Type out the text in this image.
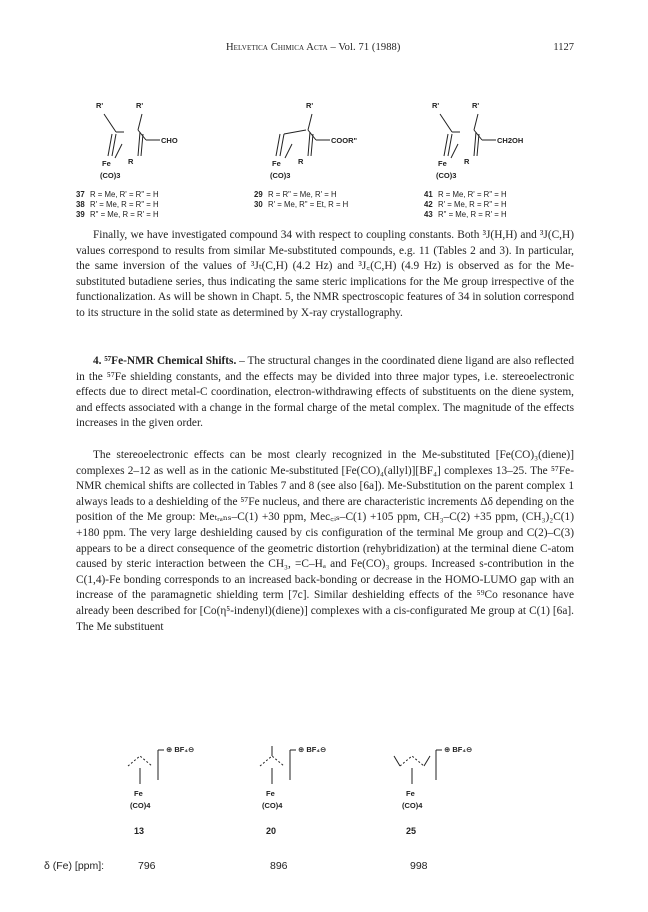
Helvetica Chimica Acta – Vol. 71 (1988)	1127
R'	R'
CHO
Fe R
(CO)3
R'
COOR"
Fe R
(CO)3
R'	R'
CH2OH
Fe R
(CO)3
37 R = Me, R' = R" = H
38 R' = Me, R = R" = H
39 R" = Me, R = R' = H
29 R = R" = Me, R' = H
30 R' = Me, R" = Et, R = H
41 R = Me, R' = R" = H
42 R' = Me, R = R" = H
43 R" = Me, R = R' = H

Finally, we have investigated compound 34 with respect to coupling constants. Both ³J(H,H) and ³J(C,H) values correspond to results from similar Me-substituted compounds, e.g. 11 (Tables 2 and 3). In particular, the same inversion of the values of ³Jₜ(C,H) (4.2 Hz) and ³J꜀(C,H) (4.9 Hz) is observed as for the Me-substituted butadiene series, thus indicating the same steric implications for the Me group irrespective of the functionalization. As will be shown in Chapt. 5, the NMR spectroscopic features of 34 in solution correspond to its structure in the solid state as determined by X-ray crystallography.

4. ⁵⁷Fe-NMR Chemical Shifts. – The structural changes in the coordinated diene ligand are also reflected in the ⁵⁷Fe shielding constants, and the effects may be divided into three major types, i.e. stereoelectronic effects due to direct metal-C coordination, electron-withdrawing effects of substituents on the diene system, and effects associated with a change in the formal charge of the metal complex. The magnitude of the effects increases in the given order.

The stereoelectronic effects can be most clearly recognized in the Me-substituted [Fe(CO)₃(diene)] complexes 2–12 as well as in the cationic Me-substituted [Fe(CO)₄(allyl)][BF₄] complexes 13–25. The ⁵⁷Fe-NMR chemical shifts are collected in Tables 7 and 8 (see also [6a]). Me-Substitution on the parent complex 1 always leads to a deshielding of the ⁵⁷Fe nucleus, and there are characteristic increments Δδ depending on the position of the Me group: Meₜᵣₐₙₛ–C(1) +30 ppm, Mec꜀ᵢₛ–C(1) +105 ppm, CH₃–C(2) +35 ppm, (CH₃)₂C(1) +180 ppm. The very large deshielding caused by cis configuration of the terminal Me group and C(2)–C(3) appears to be a direct consequence of the geometric distortion (rehybridization) at the terminal diene C-atom caused by steric interaction between the CH₃, =C–Hₐ and Fe(CO)₃ groups. Increased s-contribution in the C(1,4)-Fe bonding corresponds to an increased back-bonding or decrease in the HOMO-LUMO gap with an increase of the paramagnetic shielding term [7c]. Similar deshielding effects of the ⁵⁹Co resonance have already been described for [Co(η⁵-indenyl)(diene)] complexes with a cis-configurated Me group at C(1) [6a]. The Me substituent

⊕ BF₄⊖
Fe
(CO)4
13
⊕ BF₄⊖
Fe
(CO)4
20
⊕ BF₄⊖
Fe
(CO)4
25
δ (Fe) [ppm]:	796	896	998
